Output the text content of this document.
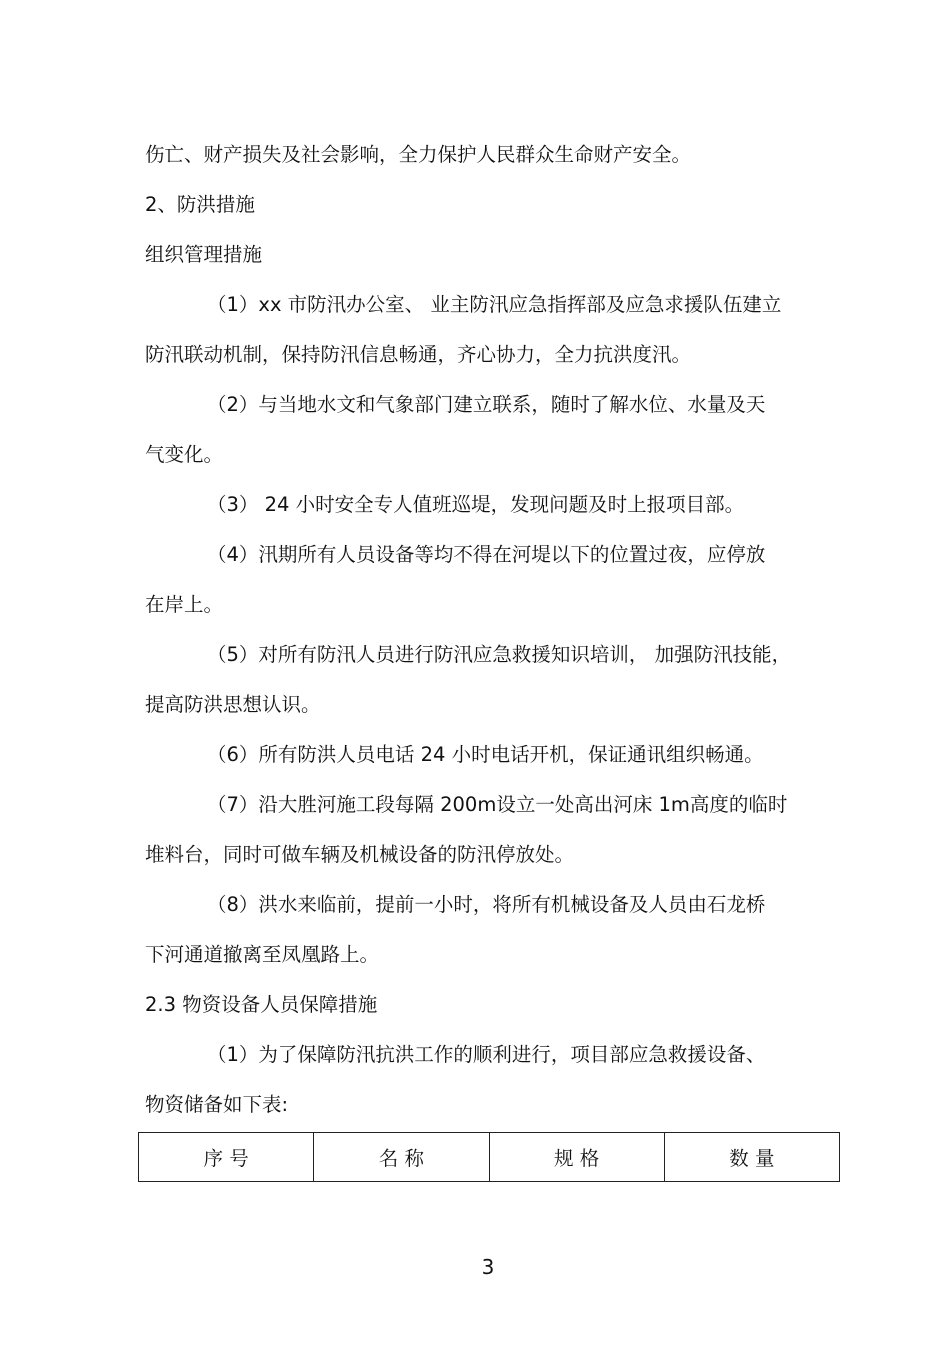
伤亡、财产损失及社会影响，全力保护人民群众生命财产安全。
2、防洪措施
组织管理措施
（1）xx 市防汛办公室、 业主防汛应急指挥部及应急求援队伍建立
防汛联动机制，保持防汛信息畅通，齐心协力，全力抗洪度汛。
（2）与当地水文和气象部门建立联系，随时了解水位、水量及天
气变化。
（3） 24 小时安全专人值班巡堤，发现问题及时上报项目部。
（4）汛期所有人员设备等均不得在河堤以下的位置过夜，应停放
在岸上。
（5）对所有防汛人员进行防汛应急救援知识培训， 加强防汛技能，
提高防洪思想认识。
（6）所有防洪人员电话 24 小时电话开机，保证通讯组织畅通。
（7）沿大胜河施工段每隔 200m设立一处高出河床 1m高度的临时
堆料台，同时可做车辆及机械设备的防汛停放处。
（8）洪水来临前，提前一小时，将所有机械设备及人员由石龙桥
下河通道撤离至凤凰路上。
2.3 物资设备人员保障措施
（1）为了保障防汛抗洪工作的顺利进行，项目部应急救援设备、
物资储备如下表:
序 号	名 称	规 格	数 量
3
